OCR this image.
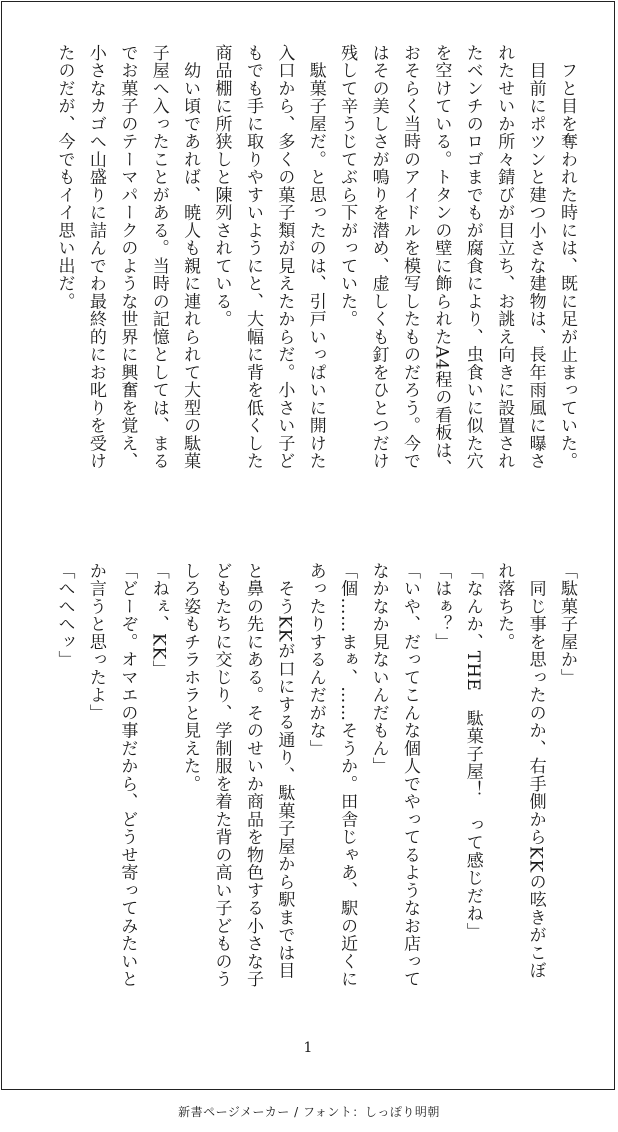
　フと目を奪われた時には、既に足が止まっていた。
　目前にポツンと建つ小さな建物は、長年雨風に曝さ
れたせいか所々錆びが目立ち、お誂え向きに設置され
たベンチのロゴまでもが腐食により、虫食いに似た穴
を空けている。トタンの壁に飾られたA4程の看板は、
おそらく当時のアイドルを模写したものだろう。今で
はその美しさが鳴りを潜め、虚しくも釘をひとつだけ
残して辛うじてぶら下がっていた。
　駄菓子屋だ。と思ったのは、引戸いっぱいに開けた
入口から、多くの菓子類が見えたからだ。小さい子ど
もでも手に取りやすいようにと、大幅に背を低くした
商品棚に所狭しと陳列されている。
　幼い頃であれば、暁人も親に連れられて大型の駄菓
子屋へ入ったことがある。当時の記憶としては、まる
でお菓子のテーマパークのような世界に興奮を覚え、
小さなカゴへ山盛りに詰んでわ最終的にお叱りを受け
たのだが、今でもイイ思い出だ。
「駄菓子屋か」
　同じ事を思ったのか、右手側からKKの呟きがこぼ
れ落ちた。
「なんか、THE　駄菓子屋！　って感じだね」
「はぁ？」
「いや、だってこんな個人でやってるようなお店って
なかなか見ないんだもん」
「個……まぁ、……そうか。田舎じゃあ、駅の近くに
あったりするんだがな」
　そうKKが口にする通り、駄菓子屋から駅までは目
と鼻の先にある。そのせいか商品を物色する小さな子
どもたちに交じり、学制服を着た背の高い子どものう
しろ姿もチラホラと見えた。
「ねぇ、KK」
「どーぞ。オマエの事だから、どうせ寄ってみたいと
か言うと思ったよ」
「へへへッ」
1
新書ページメーカー / フォント：しっぽり明朝
